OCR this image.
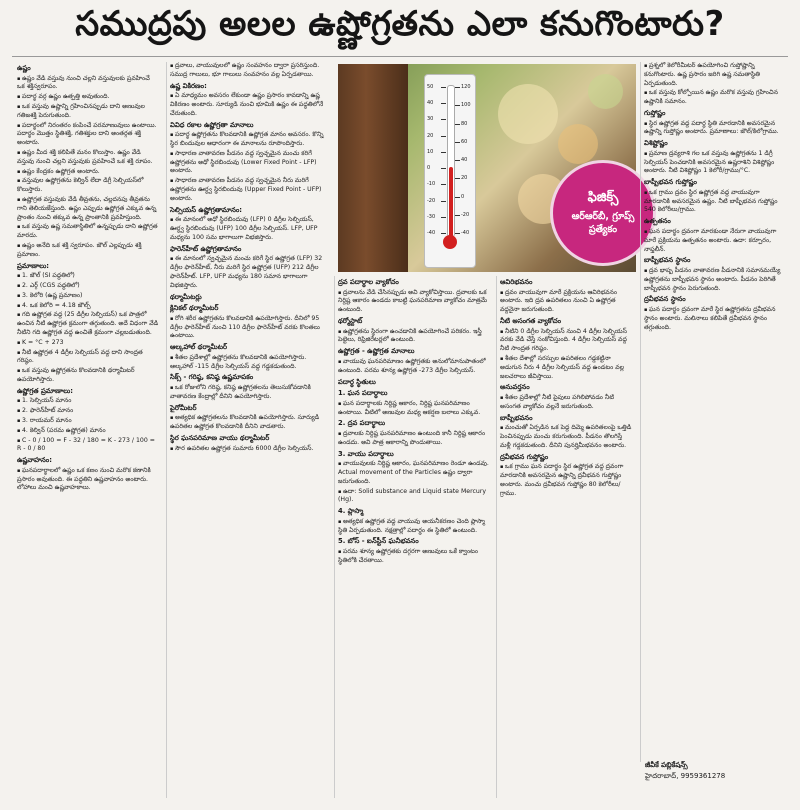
సముద్రపు అలల ఉష్ణోగ్రతను ఎలా కనుగొంటారు?

ఉష్ణం

▪ ఉష్ణం వేడి వస్తువు నుంచి చల్లని వస్తువులకు ప్రవహించే ఒక శక్తిస్వరూపం.

▪ పదార్థ వర్గ ఉష్ణం ఉత్పత్తి అవుతుంది.

▪ ఒక వస్తువు ఉష్ణాన్ని గ్రహించినప్పుడు దాని అణువుల గతిజశక్తి పెరుగుతుంది.

▪ పదార్థంలో నిరంతరం కంపించే పరమాణువులు ఉంటాయి. పదార్థం మొత్తం స్థితిశక్తి, గతిశక్తుల దాని అంతర్గత శక్తి అంటారు.

▪ ఉష్ణం మీద శక్తి కలిపితే మనం కొలుస్తాం. ఉష్ణం వేడి వస్తువు నుంచి చల్లని వస్తువుకు ప్రవహించే ఒక శక్తి రూపం.

▪ ఉష్ణం కేంద్రకం ఉష్ణోగ్రత అంటారు.

▪ వస్తువుల ఉష్ణోగ్రతను కెల్విన్ లేదా డిగ్రీ సెల్సియస్‌లో కొలుస్తారు.

▪ ఉష్ణోగ్రత వస్తువుకు వేడి తీవ్రతను, చల్లదనపు తీవ్రతను గాని తెలియజేస్తుంది. ఉష్ణం ఎప్పుడు ఉష్ణోగ్రత ఎక్కువ ఉన్న ప్రాంతం నుంచి తక్కువ ఉన్న ప్రాంతానికి ప్రవహిస్తుంది.

▪ ఒక వస్తువు ఉష్ణ సమతాస్థితిలో ఉన్నప్పుడు దాని ఉష్ణోగ్రత మారదు.

▪ ఉష్ణం అనేది ఒక శక్తి స్వరూపం. జౌల్ ఎల్లప్పుడు శక్తి ప్రమాణం.

ప్రమాణాలు:

▪ 1. జౌల్ (SI పద్ధతిలో)

▪ 2. ఎర్గ్ (CGS పద్ధతిలో)

▪ 3. కెలోరి (ఉష్ణ ప్రమాణం)

▪ 4. ఒక కెలోరి = 4.18 జౌల్స్

▪ గది ఉష్ణోగ్రత వద్ద (25 డిగ్రీల సెల్సియస్) ఒక పాత్రలో ఉంచిన నీటి ఉష్ణోగ్రత క్రమంగా తగ్గుతుంది. అదే విధంగా వేడి నీటిని గది ఉష్ణోగ్రత వద్ద ఉంచితే క్రమంగా చల్లబడుతుంది.

▪ K = °C + 273

▪ నీటి ఉష్ణోగ్రత 4 డిగ్రీల సెల్సియస్ వద్ద దాని సాంద్రత గరిష్ఠం.

▪ ఒక వస్తువు ఉష్ణోగ్రతను కొలవడానికి థర్మామీటర్ ఉపయోగిస్తారు.

ఉష్ణోగ్రత ప్రమాణాలు:

▪ 1. సెల్సియస్ మానం

▪ 2. ఫారెన్‌హీట్ మానం

▪ 3. రాయమర్ మానం

▪ 4. కెల్విన్ (పరమ ఉష్ణోగ్రత) మానం

▪ C - 0 / 100 = F - 32 / 180 = K - 273 / 100 = R - 0 / 80

ఉష్ణవాహనం:

▪ ఘనపదార్థాలలో ఉష్ణం ఒక కణం నుంచి మరొక కణానికి ప్రసారం అవుతుంది. ఈ పద్ధతిని ఉష్ణవాహనం అంటారు. లోహాలు మంచి ఉష్ణవాహకాలు.

▪ ద్రవాలు, వాయువులలో ఉష్ణం సంవహనం ద్వారా ప్రసరిస్తుంది. సముద్ర గాలులు, భూ గాలులు సంవహనం వల్ల ఏర్పడతాయి.

ఉష్ణ వికిరణం:

▪ ఏ మాధ్యమం అవసరం లేకుండా ఉష్ణం ప్రసారం కావడాన్ని ఉష్ణ వికిరణం అంటారు. సూర్యుడి నుంచి భూమికి ఉష్ణం ఈ పద్ధతిలోనే చేరుతుంది.

వివిధ రకాల ఉష్ణోగ్రతా మానాలు

▪ పదార్థ ఉష్ణోగ్రతను కొలవడానికి ఉష్ణోగ్రత మానం అవసరం. కొన్ని స్థిర బిందువుల ఆధారంగా ఈ మానాలను రూపొందిస్తారు.

▪ సాధారణ వాతావరణ పీడనం వద్ద స్వచ్ఛమైన మంచు కరిగే ఉష్ణోగ్రతను అధో స్థిరబిందువు (Lower Fixed Point - LFP) అంటారు.

▪ సాధారణ వాతావరణ పీడనం వద్ద స్వచ్ఛమైన నీరు మరిగే ఉష్ణోగ్రతను ఊర్ధ్వ స్థిరబిందువు (Upper Fixed Point - UFP) అంటారు.

సెల్సియస్ ఉష్ణోగ్రతామానం:

▪ ఈ మానంలో అధో స్థిరబిందువు (LFP) 0 డిగ్రీల సెల్సియస్, ఊర్ధ్వ స్థిరబిందువు (UFP) 100 డిగ్రీల సెల్సియస్. LFP, UFP మధ్యను 100 సమ భాగాలుగా విభజిస్తారు.

ఫారెన్‌హీట్ ఉష్ణోగ్రతామానం

▪ ఈ మానంలో స్వచ్ఛమైన మంచు కరిగే స్థిర ఉష్ణోగ్రత (LFP) 32 డిగ్రీల ఫారెన్‌హీట్, నీరు మరిగే స్థిర ఉష్ణోగ్రత (UFP) 212 డిగ్రీల ఫారెన్‌హీట్. LFP, UFP మధ్యను 180 సమాన భాగాలుగా విభజిస్తారు.

థర్మామీటర్లు

క్లినికల్ థర్మామీటర్

▪ రోగి శరీర ఉష్ణోగ్రతను కొలవడానికి ఉపయోగిస్తారు. దీనిలో 95 డిగ్రీల ఫారెన్‌హీట్ నుంచి 110 డిగ్రీల ఫారెన్‌హీట్ వరకు కొలతలు ఉంటాయి.

ఆల్కహాల్ థర్మామీటర్

▪ శీతల ప్రదేశాల్లో ఉష్ణోగ్రతను కొలవడానికి ఉపయోగిస్తారు. ఆల్కహాల్ -115 డిగ్రీల సెల్సియస్ వద్ద గడ్డకడుతుంది.

సిక్స్ - గరిష్ఠ, కనిష్ఠ ఉష్ణమాపకం

▪ ఒక రోజులోని గరిష్ఠ, కనిష్ఠ ఉష్ణోగ్రతలను తెలుసుకోవడానికి వాతావరణ కేంద్రాల్లో దీనిని ఉపయోగిస్తారు.

పైరోమీటర్

▪ అత్యధిక ఉష్ణోగ్రతలను కొలవడానికి ఉపయోగిస్తారు. సూర్యుడి ఉపరితల ఉష్ణోగ్రత కొలవడానికి దీనిని వాడతారు.

స్థిర ఘనపరిమాణ వాయు థర్మామీటర్

▪ సౌర ఉపరితల ఉష్ణోగ్రత సుమారు 6000 డిగ్రీల సెల్సియస్.

50
40
30
20
10
0
-10
-20
-30
-40
120
100
80
60
40
20
0
-20
-40
ఫిజిక్స్
ఆర్‌ఆర్‌బీ, గ్రూప్స్
ప్రత్యేకం

ద్రవ పదార్థాల వ్యాకోచం

▪ ద్రవాలను వేడి చేసినప్పుడు అవి వ్యాకోచిస్తాయి. ద్రవాలకు ఒక నిర్దిష్ట ఆకారం ఉండదు కాబట్టి ఘనపరిమాణ వ్యాకోచం మాత్రమే ఉంటుంది.

థర్మోస్టాట్

▪ ఉష్ణోగ్రతను స్థిరంగా ఉంచడానికి ఉపయోగించే పరికరం. ఇస్త్రీ పెట్టెలు, రిఫ్రిజిరేటర్లలో ఉంటుంది.

ఉష్ణోగ్రత - ఉష్ణోగ్రత మానాలు

▪ వాయువు ఘనపరిమాణం ఉష్ణోగ్రతకు అనులోమానుపాతంలో ఉంటుంది. పరమ శూన్య ఉష్ణోగ్రత -273 డిగ్రీల సెల్సియస్.

పదార్థ స్థితులు

1. ఘన పదార్థాలు

▪ ఘన పదార్థాలకు నిర్దిష్ట ఆకారం, నిర్దిష్ట ఘనపరిమాణం ఉంటాయి. వీటిలో అణువుల మధ్య ఆకర్షణ బలాలు ఎక్కువ.

2. ద్రవ పదార్థాలు

▪ ద్రవాలకు నిర్దిష్ట ఘనపరిమాణం ఉంటుంది కానీ నిర్దిష్ట ఆకారం ఉండదు. అవి పాత్ర ఆకారాన్ని పొందుతాయి.

3. వాయు పదార్థాలు

▪ వాయువులకు నిర్దిష్ట ఆకారం, ఘనపరిమాణం రెండూ ఉండవు. Actual movement of the Particles ఉష్ణం ద్వారా జరుగుతుంది.

▪ ఉదా: Solid substance and Liquid state Mercury (Hg).

4. ప్లాస్మా

▪ అత్యధిక ఉష్ణోగ్రత వద్ద వాయువు అయనీకరణం చెంది ప్లాస్మా స్థితి ఏర్పడుతుంది. నక్షత్రాల్లో పదార్థం ఈ స్థితిలో ఉంటుంది.

5. బోస్ - ఐన్‌స్టీన్ ఘనీభవనం

▪ పరమ శూన్య ఉష్ణోగ్రతకు దగ్గరగా అణువులు ఒకే క్వాంటం స్థితిలోకి చేరతాయి.

ఆవిరిభవనం

▪ ద్రవం వాయువుగా మారే ప్రక్రియను ఆవిరిభవనం అంటారు. ఇది ద్రవ ఉపరితలం నుంచి ఏ ఉష్ణోగ్రత వద్దనైనా జరుగుతుంది.

నీటి అసంగత వ్యాకోచం

▪ నీటిని 0 డిగ్రీల సెల్సియస్ నుంచి 4 డిగ్రీల సెల్సియస్ వరకు వేడి చేస్తే సంకోచిస్తుంది. 4 డిగ్రీల సెల్సియస్ వద్ద నీటి సాంద్రత గరిష్ఠం.

▪ శీతల దేశాల్లో సరస్సుల ఉపరితలం గడ్డకట్టినా అడుగున నీరు 4 డిగ్రీల సెల్సియస్ వద్ద ఉండటం వల్ల జలచరాలు జీవిస్తాయి.

అనువర్తనం

▪ శీతల ప్రదేశాల్లో నీటి పైపులు పగిలిపోవడం నీటి అసంగత వ్యాకోచం వల్లనే జరుగుతుంది.

బాష్పీభవనం

▪ మంచుతో ఏర్పడిన ఒక పెద్ద దిమ్మె ఉపరితలంపై ఒత్తిడి పెంచినప్పుడు మంచు కరుగుతుంది. పీడనం తొలగిస్తే మళ్లీ గడ్డకడుతుంది. దీనిని పునర్హిమీభవనం అంటారు.

ద్రవీభవన గుప్తోష్ణం

▪ ఒక గ్రాము ఘన పదార్థం స్థిర ఉష్ణోగ్రత వద్ద ద్రవంగా మారడానికి అవసరమైన ఉష్ణాన్ని ద్రవీభవన గుప్తోష్ణం అంటారు. మంచు ద్రవీభవన గుప్తోష్ణం 80 కెలోరీలు/గ్రాము.

▪ ప్రశ్నలో కెలోరీమీటర్ ఉపయోగించి గుప్తోష్ణాన్ని కనుగొంటారు. ఉష్ణ ప్రసారం జరిగి ఉష్ణ సమతాస్థితి ఏర్పడుతుంది.

▪ ఒక వస్తువు కోల్పోయిన ఉష్ణం మరొక వస్తువు గ్రహించిన ఉష్ణానికి సమానం.

గుప్తోష్ణం

▪ స్థిర ఉష్ణోగ్రత వద్ద పదార్థ స్థితి మారడానికి అవసరమైన ఉష్ణాన్ని గుప్తోష్ణం అంటారు. ప్రమాణాలు: జౌల్/కిలోగ్రాము.

విశిష్టోష్ణం

▪ ప్రమాణ ద్రవ్యరాశి గల ఒక వస్తువు ఉష్ణోగ్రతను 1 డిగ్రీ సెల్సియస్ పెంచడానికి అవసరమైన ఉష్ణరాశిని విశిష్టోష్ణం అంటారు. నీటి విశిష్టోష్ణం 1 కెలోరీ/గ్రాము/°C.

బాష్పీభవన గుప్తోష్ణం

▪ ఒక గ్రాము ద్రవం స్థిర ఉష్ణోగ్రత వద్ద వాయువుగా మారడానికి అవసరమైన ఉష్ణం. నీటి బాష్పీభవన గుప్తోష్ణం 540 కెలోరీలు/గ్రాము.

ఉత్పతనం

▪ ఘన పదార్థం ద్రవంగా మారకుండా నేరుగా వాయువుగా మారే ప్రక్రియను ఉత్పతనం అంటారు. ఉదా: కర్పూరం, నాఫ్తలీన్.

బాష్పీభవన స్థానం

▪ ద్రవ భాష్ప పీడనం వాతావరణ పీడనానికి సమానమయ్యే ఉష్ణోగ్రతను బాష్పీభవన స్థానం అంటారు. పీడనం పెరిగితే బాష్పీభవన స్థానం పెరుగుతుంది.

ద్రవీభవన స్థానం

▪ ఘన పదార్థం ద్రవంగా మారే స్థిర ఉష్ణోగ్రతను ద్రవీభవన స్థానం అంటారు. మలినాలు కలిపితే ద్రవీభవన స్థానం తగ్గుతుంది.

జీవీకే పబ్లికేషన్స్
హైదరాబాద్, 9959361278
